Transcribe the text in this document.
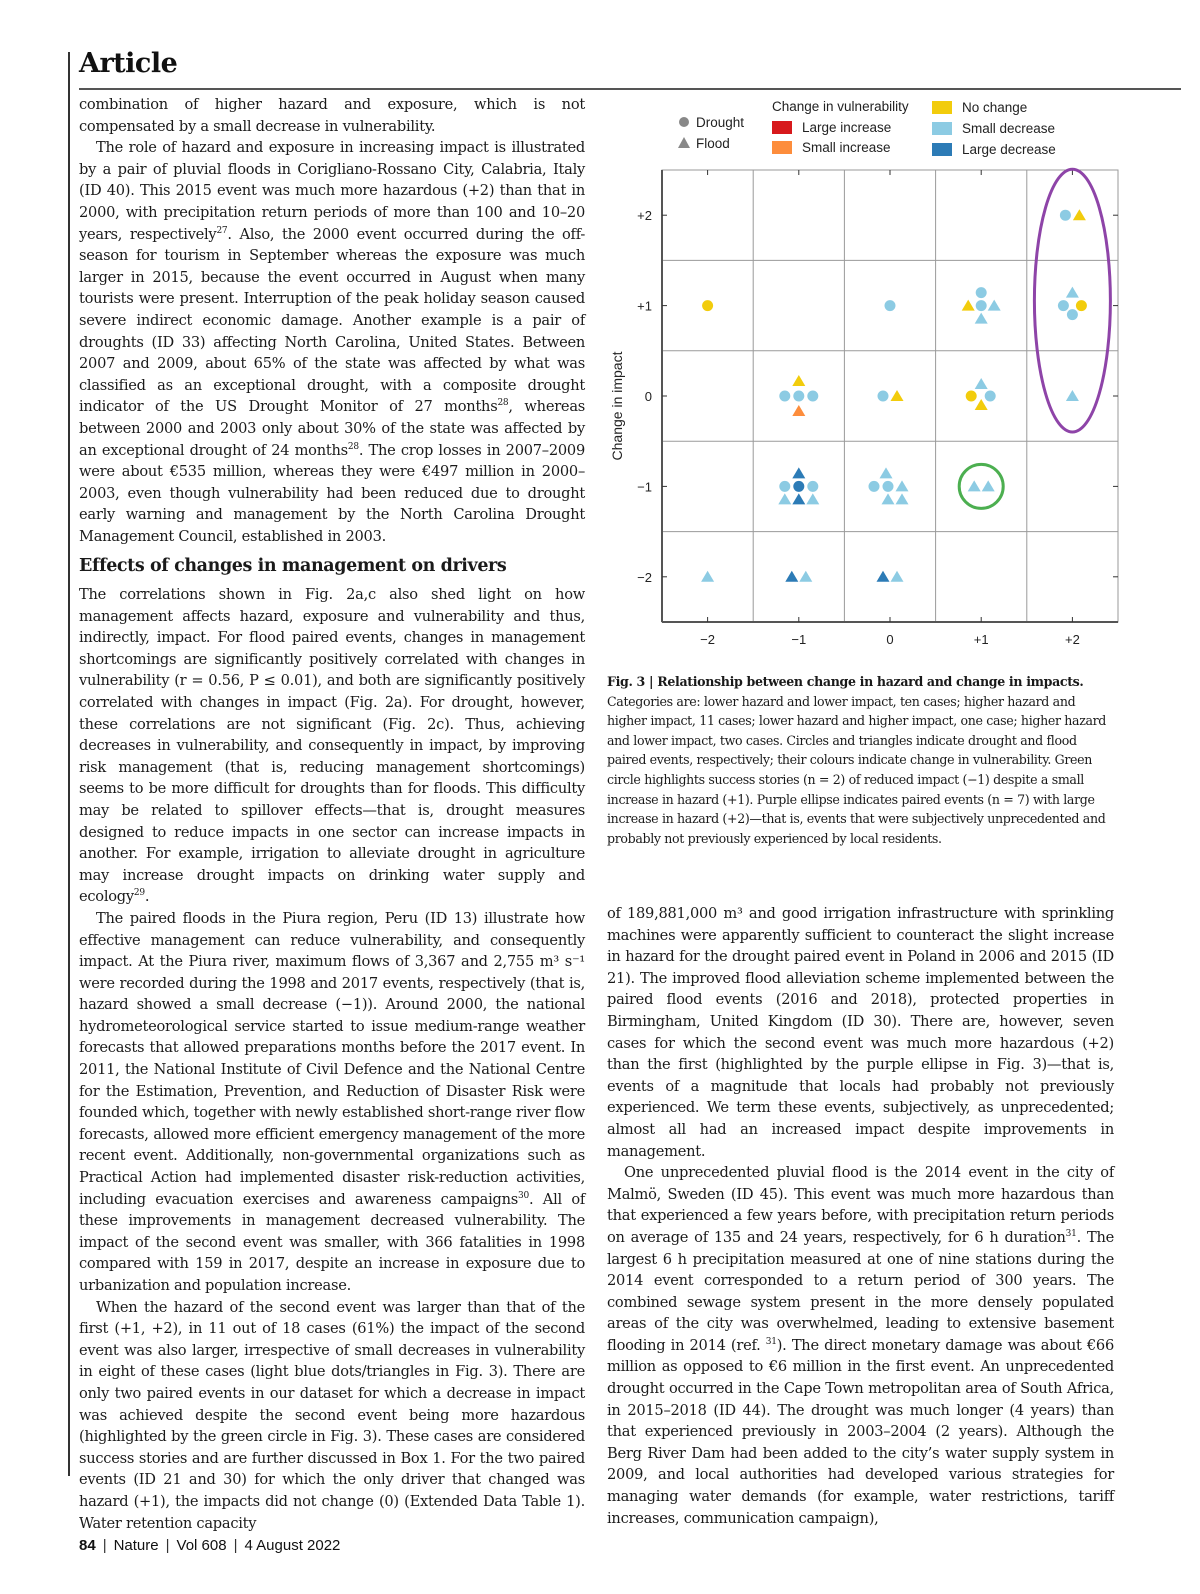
Article

combination of higher hazard and exposure, which is not compensated by a small decrease in vulnerability.

The role of hazard and exposure in increasing impact is illustrated by a pair of pluvial floods in Corigliano-Rossano City, Calabria, Italy (ID 40). This 2015 event was much more hazardous (+2) than that in 2000, with precipitation return periods of more than 100 and 10–20 years, respectively$^{27}$. Also, the 2000 event occurred during the off-season for tourism in September whereas the exposure was much larger in 2015, because the event occurred in August when many tourists were present. Interruption of the peak holiday season caused severe indirect economic damage. Another example is a pair of droughts (ID 33) affecting North Carolina, United States. Between 2007 and 2009, about 65% of the state was affected by what was classified as an exceptional drought, with a composite drought indicator of the US Drought Monitor of 27 months$^{28}$, whereas between 2000 and 2003 only about 30% of the state was affected by an exceptional drought of 24 months$^{28}$. The crop losses in 2007–2009 were about €535 million, whereas they were €497 million in 2000–2003, even though vulnerability had been reduced due to drought early warning and management by the North Carolina Drought Management Council, established in 2003.

Effects of changes in management on drivers

The correlations shown in Fig. 2a,c also shed light on how management affects hazard, exposure and vulnerability and thus, indirectly, impact. For flood paired events, changes in management shortcomings are significantly positively correlated with changes in vulnerability (r = 0.56, P ≤ 0.01), and both are significantly positively correlated with changes in impact (Fig. 2a). For drought, however, these correlations are not significant (Fig. 2c). Thus, achieving decreases in vulnerability, and consequently in impact, by improving risk management (that is, reducing management shortcomings) seems to be more difficult for droughts than for floods. This difficulty may be related to spillover effects—that is, drought measures designed to reduce impacts in one sector can increase impacts in another. For example, irrigation to alleviate drought in agriculture may increase drought impacts on drinking water supply and ecology$^{29}$.

The paired floods in the Piura region, Peru (ID 13) illustrate how effective management can reduce vulnerability, and consequently impact. At the Piura river, maximum flows of 3,367 and 2,755 m³ s⁻¹ were recorded during the 1998 and 2017 events, respectively (that is, hazard showed a small decrease (−1)). Around 2000, the national hydrometeorological service started to issue medium-range weather forecasts that allowed preparations months before the 2017 event. In 2011, the National Institute of Civil Defence and the National Centre for the Estimation, Prevention, and Reduction of Disaster Risk were founded which, together with newly established short-range river flow forecasts, allowed more efficient emergency management of the more recent event. Additionally, non-governmental organizations such as Practical Action had implemented disaster risk-reduction activities, including evacuation exercises and awareness campaigns$^{30}$. All of these improvements in management decreased vulnerability. The impact of the second event was smaller, with 366 fatalities in 1998 compared with 159 in 2017, despite an increase in exposure due to urbanization and population increase.

When the hazard of the second event was larger than that of the first (+1, +2), in 11 out of 18 cases (61%) the impact of the second event was also larger, irrespective of small decreases in vulnerability in eight of these cases (light blue dots/triangles in Fig. 3). There are only two paired events in our dataset for which a decrease in impact was achieved despite the second event being more hazardous (highlighted by the green circle in Fig. 3). These cases are considered success stories and are further discussed in Box 1. For the two paired events (ID 21 and 30) for which the only driver that changed was hazard (+1), the impacts did not change (0) (Extended Data Table 1). Water retention capacity

Change in vulnerability
Drought
Flood
Large increase
Small increase
No change
Small decrease
Large decrease
−2	−1	0	+1	+2
+2
+1
0
−1
−2
Change in impact
Fig. 3 | Relationship between change in hazard and change in impacts. Categories are: lower hazard and lower impact, ten cases; higher hazard and higher impact, 11 cases; lower hazard and higher impact, one case; higher hazard and lower impact, two cases. Circles and triangles indicate drought and flood paired events, respectively; their colours indicate change in vulnerability. Green circle highlights success stories (n = 2) of reduced impact (−1) despite a small increase in hazard (+1). Purple ellipse indicates paired events (n = 7) with large increase in hazard (+2)—that is, events that were subjectively unprecedented and probably not previously experienced by local residents.

of 189,881,000 m³ and good irrigation infrastructure with sprinkling machines were apparently sufficient to counteract the slight increase in hazard for the drought paired event in Poland in 2006 and 2015 (ID 21). The improved flood alleviation scheme implemented between the paired flood events (2016 and 2018), protected properties in Birmingham, United Kingdom (ID 30). There are, however, seven cases for which the second event was much more hazardous (+2) than the first (highlighted by the purple ellipse in Fig. 3)—that is, events of a magnitude that locals had probably not previously experienced. We term these events, subjectively, as unprecedented; almost all had an increased impact despite improvements in management.

One unprecedented pluvial flood is the 2014 event in the city of Malmö, Sweden (ID 45). This event was much more hazardous than that experienced a few years before, with precipitation return periods on average of 135 and 24 years, respectively, for 6 h duration$^{31}$. The largest 6 h precipitation measured at one of nine stations during the 2014 event corresponded to a return period of 300 years. The combined sewage system present in the more densely populated areas of the city was overwhelmed, leading to extensive basement flooding in 2014 (ref. $^{31}$). The direct monetary damage was about €66 million as opposed to €6 million in the first event. An unprecedented drought occurred in the Cape Town metropolitan area of South Africa, in 2015–2018 (ID 44). The drought was much longer (4 years) than that experienced previously in 2003–2004 (2 years). Although the Berg River Dam had been added to the city’s water supply system in 2009, and local authorities had developed various strategies for managing water demands (for example, water restrictions, tariff increases, communication campaign),

84 | Nature | Vol 608 | 4 August 2022
